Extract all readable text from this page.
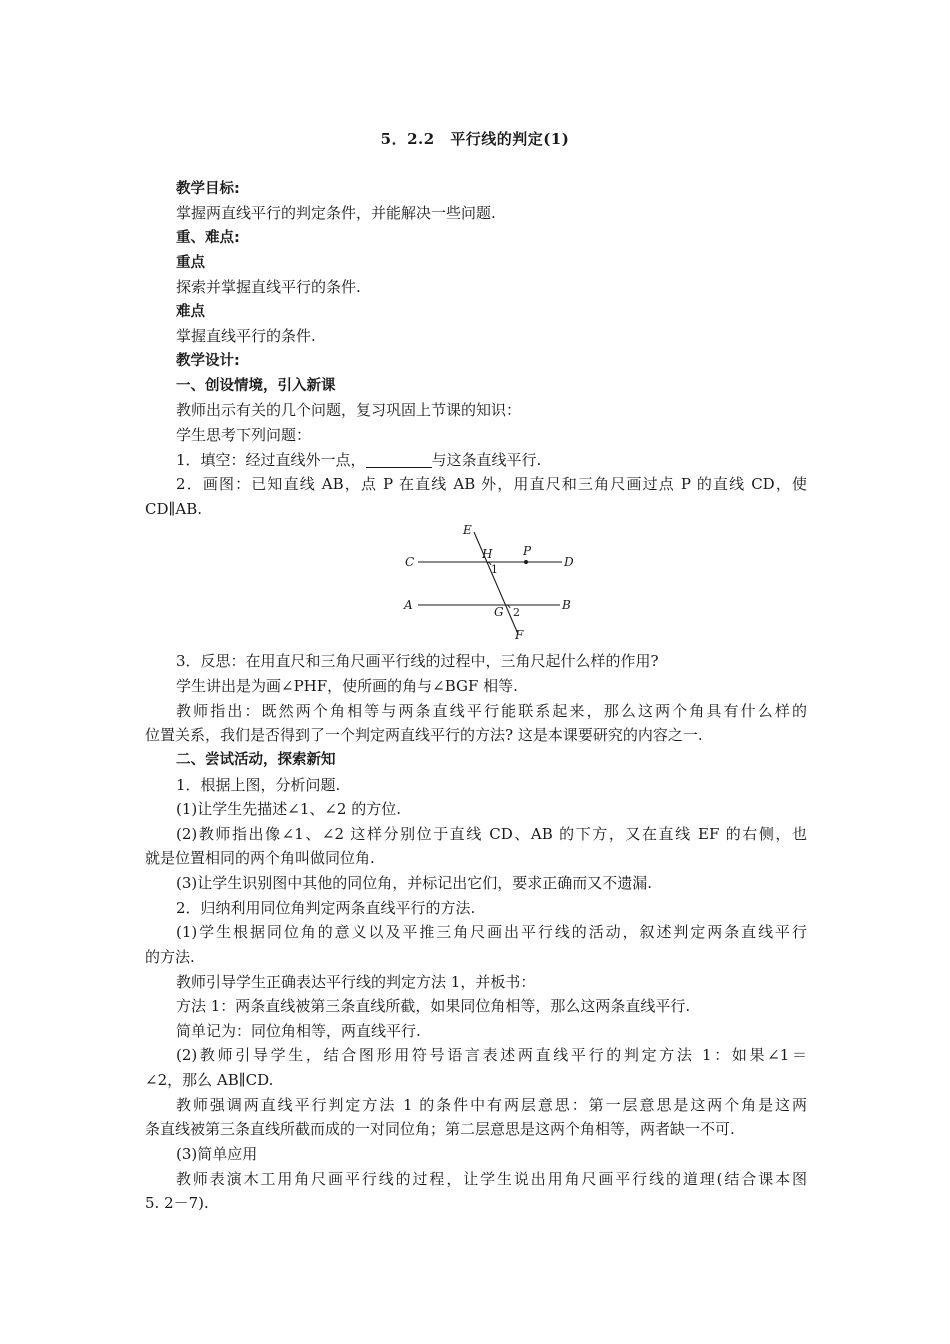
5．2.2　平行线的判定(1)
教学目标:
掌握两直线平行的判定条件，并能解决一些问题.
重、难点:
重点
探索并掌握直线平行的条件.
难点
掌握直线平行的条件.
教学设计:
一、创设情境，引入新课
教师出示有关的几个问题，复习巩固上节课的知识：
学生思考下列问题：
1．填空：经过直线外一点，	与这条直线平行.
2．画图：已知直线 AB，点 P 在直线 AB 外，用直尺和三角尺画过点 P 的直线 CD，使
CD∥AB.
E
H	P
C	D
A	B
G
F
1
2
3．反思：在用直尺和三角尺画平行线的过程中，三角尺起什么样的作用?
学生讲出是为画∠PHF，使所画的角与∠BGF 相等.
教师指出：既然两个角相等与两条直线平行能联系起来，那么这两个角具有什么样的
位置关系，我们是否得到了一个判定两直线平行的方法? 这是本课要研究的内容之一.
二、尝试活动，探索新知
1．根据上图，分析问题.
(1)让学生先描述∠1、∠2 的方位.
(2)教师指出像∠1、∠2 这样分别位于直线 CD、AB 的下方，又在直线 EF 的右侧，也
就是位置相同的两个角叫做同位角.
(3)让学生识别图中其他的同位角，并标记出它们，要求正确而又不遗漏.
2．归纳利用同位角判定两条直线平行的方法.
(1)学生根据同位角的意义以及平推三角尺画出平行线的活动，叙述判定两条直线平行
的方法.
教师引导学生正确表达平行线的判定方法 1，并板书：
方法 1：两条直线被第三条直线所截，如果同位角相等，那么这两条直线平行.
简单记为：同位角相等，两直线平行.
(2)教师引导学生，结合图形用符号语言表述两直线平行的判定方法 1：如果∠1＝
∠2，那么 AB∥CD.
教师强调两直线平行判定方法 1 的条件中有两层意思：第一层意思是这两个角是这两
条直线被第三条直线所截而成的一对同位角；第二层意思是这两个角相等，两者缺一不可.
(3)简单应用
教师表演木工用角尺画平行线的过程，让学生说出用角尺画平行线的道理(结合课本图
5. 2－7).
